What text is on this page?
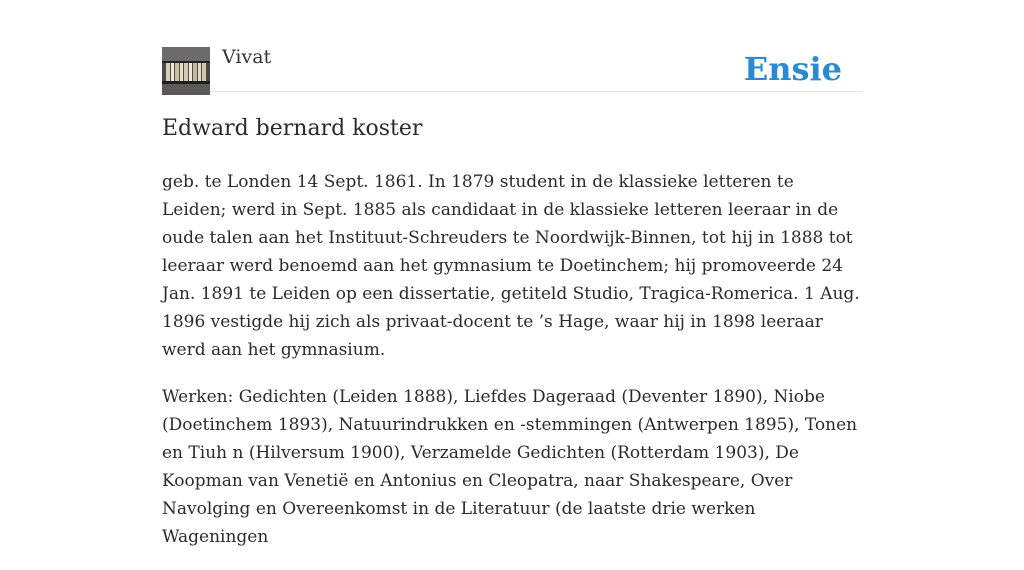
Vivat	Ensie
Edward bernard koster

geb. te Londen 14 Sept. 1861. In 1879 student in de klassieke letteren te Leiden; werd in Sept. 1885 als candidaat in de klassieke letteren leeraar in de oude talen aan het Instituut-Schreuders te Noordwijk-Binnen, tot hij in 1888 tot leeraar werd benoemd aan het gymnasium te Doetinchem; hij promoveerde 24 Jan. 1891 te Leiden op een dissertatie, getiteld Studio, Tragica-Romerica. 1 Aug. 1896 vestigde hij zich als privaat-docent te ’s Hage, waar hij in 1898 leeraar werd aan het gymnasium.

Werken: Gedichten (Leiden 1888), Liefdes Dageraad (Deventer 1890), Niobe (Doetinchem 1893), Natuurindrukken en -stemmingen (Antwerpen 1895), Tonen en Tiuh n (Hilversum 1900), Verzamelde Gedichten (Rotterdam 1903), De Koopman van Venetië en Antonius en Cleopatra, naar Shakespeare, Over Navolging en Overeenkomst in de Literatuur (de laatste drie werken Wageningen
